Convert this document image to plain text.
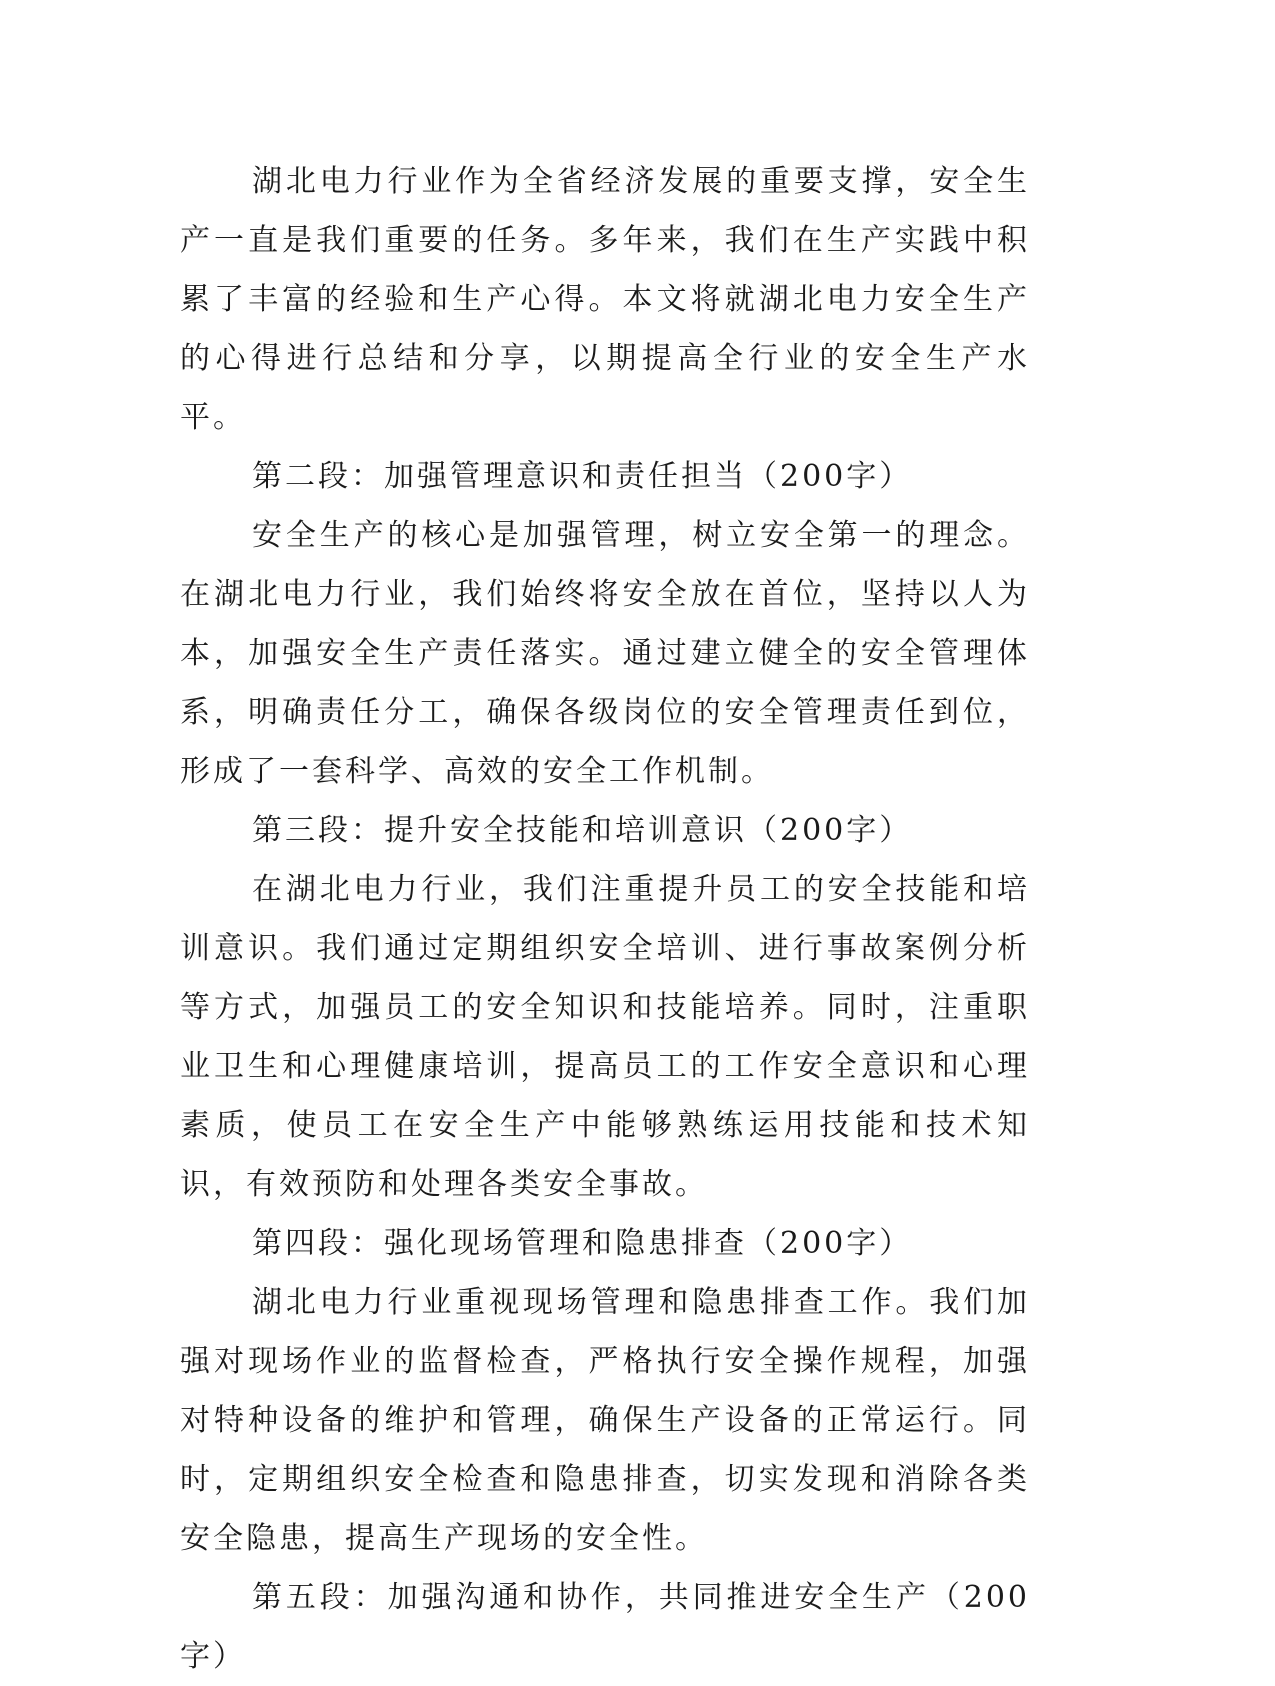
湖北电力行业作为全省经济发展的重要支撑，安全生产一直是我们重要的任务。多年来，我们在生产实践中积累了丰富的经验和生产心得。本文将就湖北电力安全生产的心得进行总结和分享，以期提高全行业的安全生产水平。

第二段：加强管理意识和责任担当（200字）

安全生产的核心是加强管理，树立安全第一的理念。在湖北电力行业，我们始终将安全放在首位，坚持以人为本，加强安全生产责任落实。通过建立健全的安全管理体系，明确责任分工，确保各级岗位的安全管理责任到位，形成了一套科学、高效的安全工作机制。

第三段：提升安全技能和培训意识（200字）

在湖北电力行业，我们注重提升员工的安全技能和培训意识。我们通过定期组织安全培训、进行事故案例分析等方式，加强员工的安全知识和技能培养。同时，注重职业卫生和心理健康培训，提高员工的工作安全意识和心理素质，使员工在安全生产中能够熟练运用技能和技术知识，有效预防和处理各类安全事故。

第四段：强化现场管理和隐患排查（200字）

湖北电力行业重视现场管理和隐患排查工作。我们加强对现场作业的监督检查，严格执行安全操作规程，加强对特种设备的维护和管理，确保生产设备的正常运行。同时，定期组织安全检查和隐患排查，切实发现和消除各类安全隐患，提高生产现场的安全性。

第五段：加强沟通和协作，共同推进安全生产（200字）
